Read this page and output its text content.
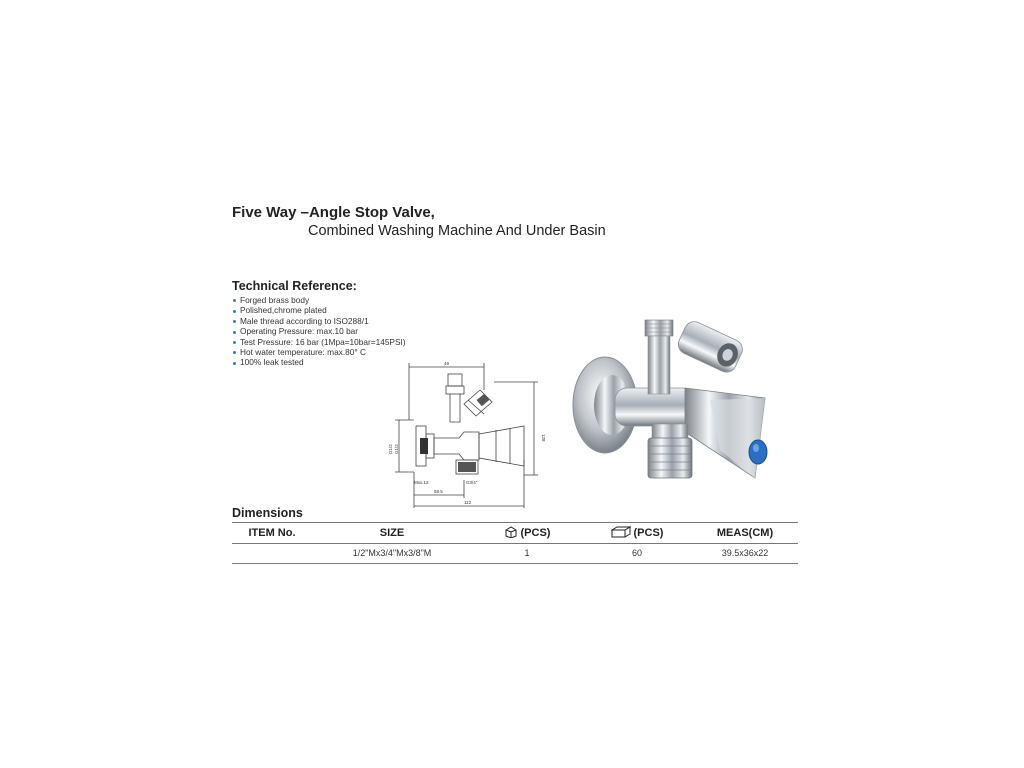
Five Way –Angle Stop Valve,
Combined Washing Machine And Under Basin
Technical Reference:
Forged brass body
Polished,chrome plated
Male thread according to ISO288/1
Operating Pressure: max.10 bar
Test Pressure: 16 bar (1Mpa=10bar=145PSI)
Hot water temperature: max.80° C
100% leak tested	49
58.5
112
Mxx.12	G3/4"
G1/2 G1/2
128
Dimensions
ITEM No.	SIZE	(PCS)	(PCS)	MEAS(CM)
	1/2"Mx3/4"Mx3/8"M	1	60	39.5x36x22
